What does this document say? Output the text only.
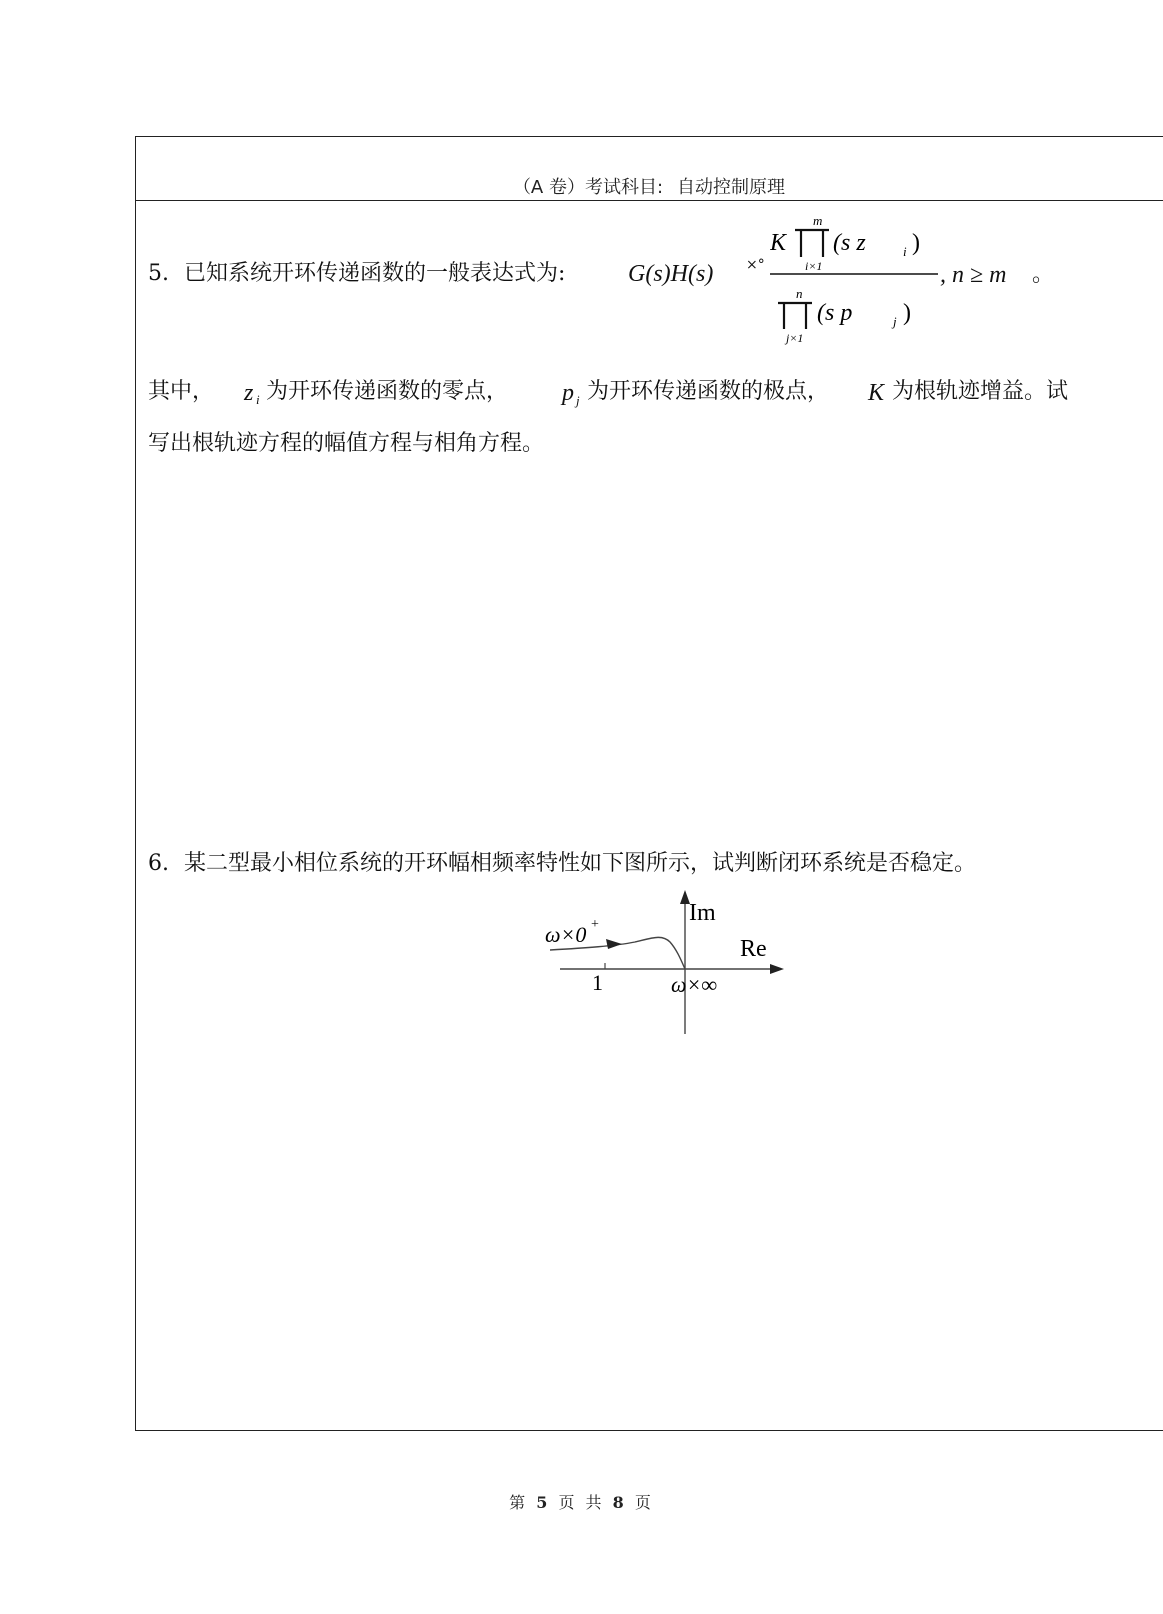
（A 卷）考试科目: 自动控制原理
5. 已知系统开环传递函数的一般表达式为:	G(s)H(s) ×°
K
m
i×1
(s z	i )
n
j×1
(s p	j )
, n ≥ m 。
其中， z i 为开环传递函数的零点， p j 为开环传递函数的极点， K 为根轨迹增益。试
写出根轨迹方程的幅值方程与相角方程。
6. 某二型最小相位系统的开环幅相频率特性如下图所示，试判断闭环系统是否稳定。
Im
Re
ω×0 +
ω×∞
1
第 5 页 共 8 页
